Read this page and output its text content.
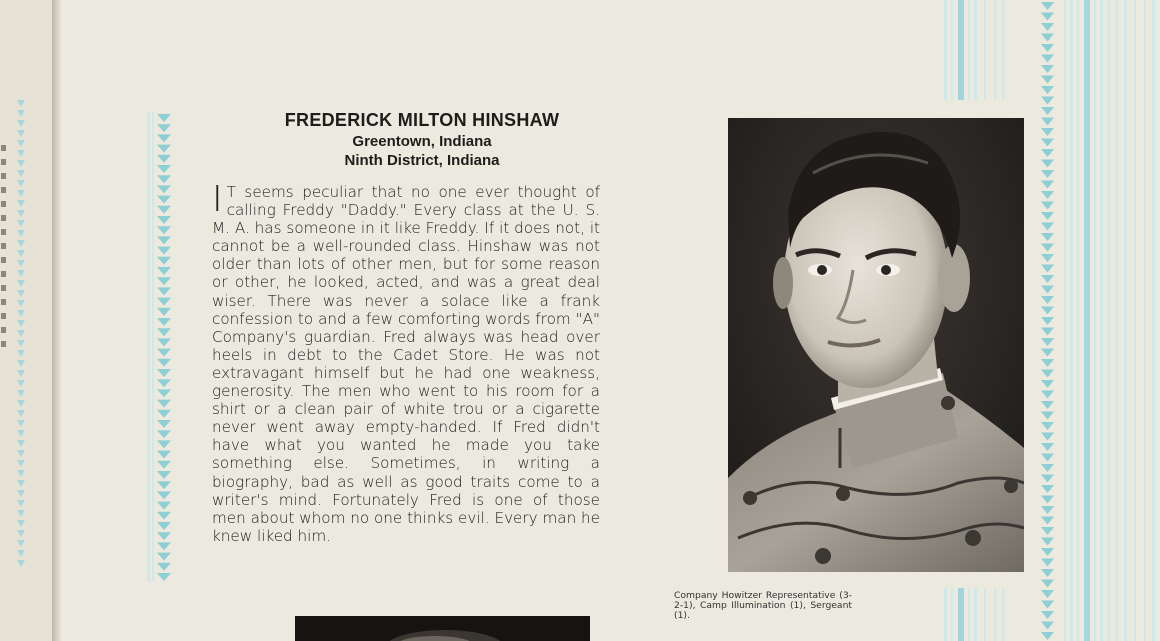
FREDERICK MILTON HINSHAW
Greentown, Indiana
Ninth District, Indiana
I T seems peculiar that no one ever thought of calling Freddy "Daddy." Every class at the U. S. M. A. has someone in it like Freddy. If it does not, it cannot be a well-rounded class. Hinshaw was not older than lots of other men, but for some reason or other, he looked, acted, and was a great deal wiser. There was never a solace like a frank confession to and a few comforting words from "A" Company's guardian. Fred always was head over heels in debt to the Cadet Store. He was not extravagant himself but he had one weakness, generosity. The men who went to his room for a shirt or a clean pair of white trou or a cigarette never went away empty-handed. If Fred didn't have what you wanted he made you take something else. Sometimes, in writing a biography, bad as well as good traits come to a writer's mind. Fortunately Fred is one of those men about whom no one thinks evil. Every man he knew liked him.
Company Howitzer Representative (3-2-1), Camp Illumination (1), Sergeant (1).
